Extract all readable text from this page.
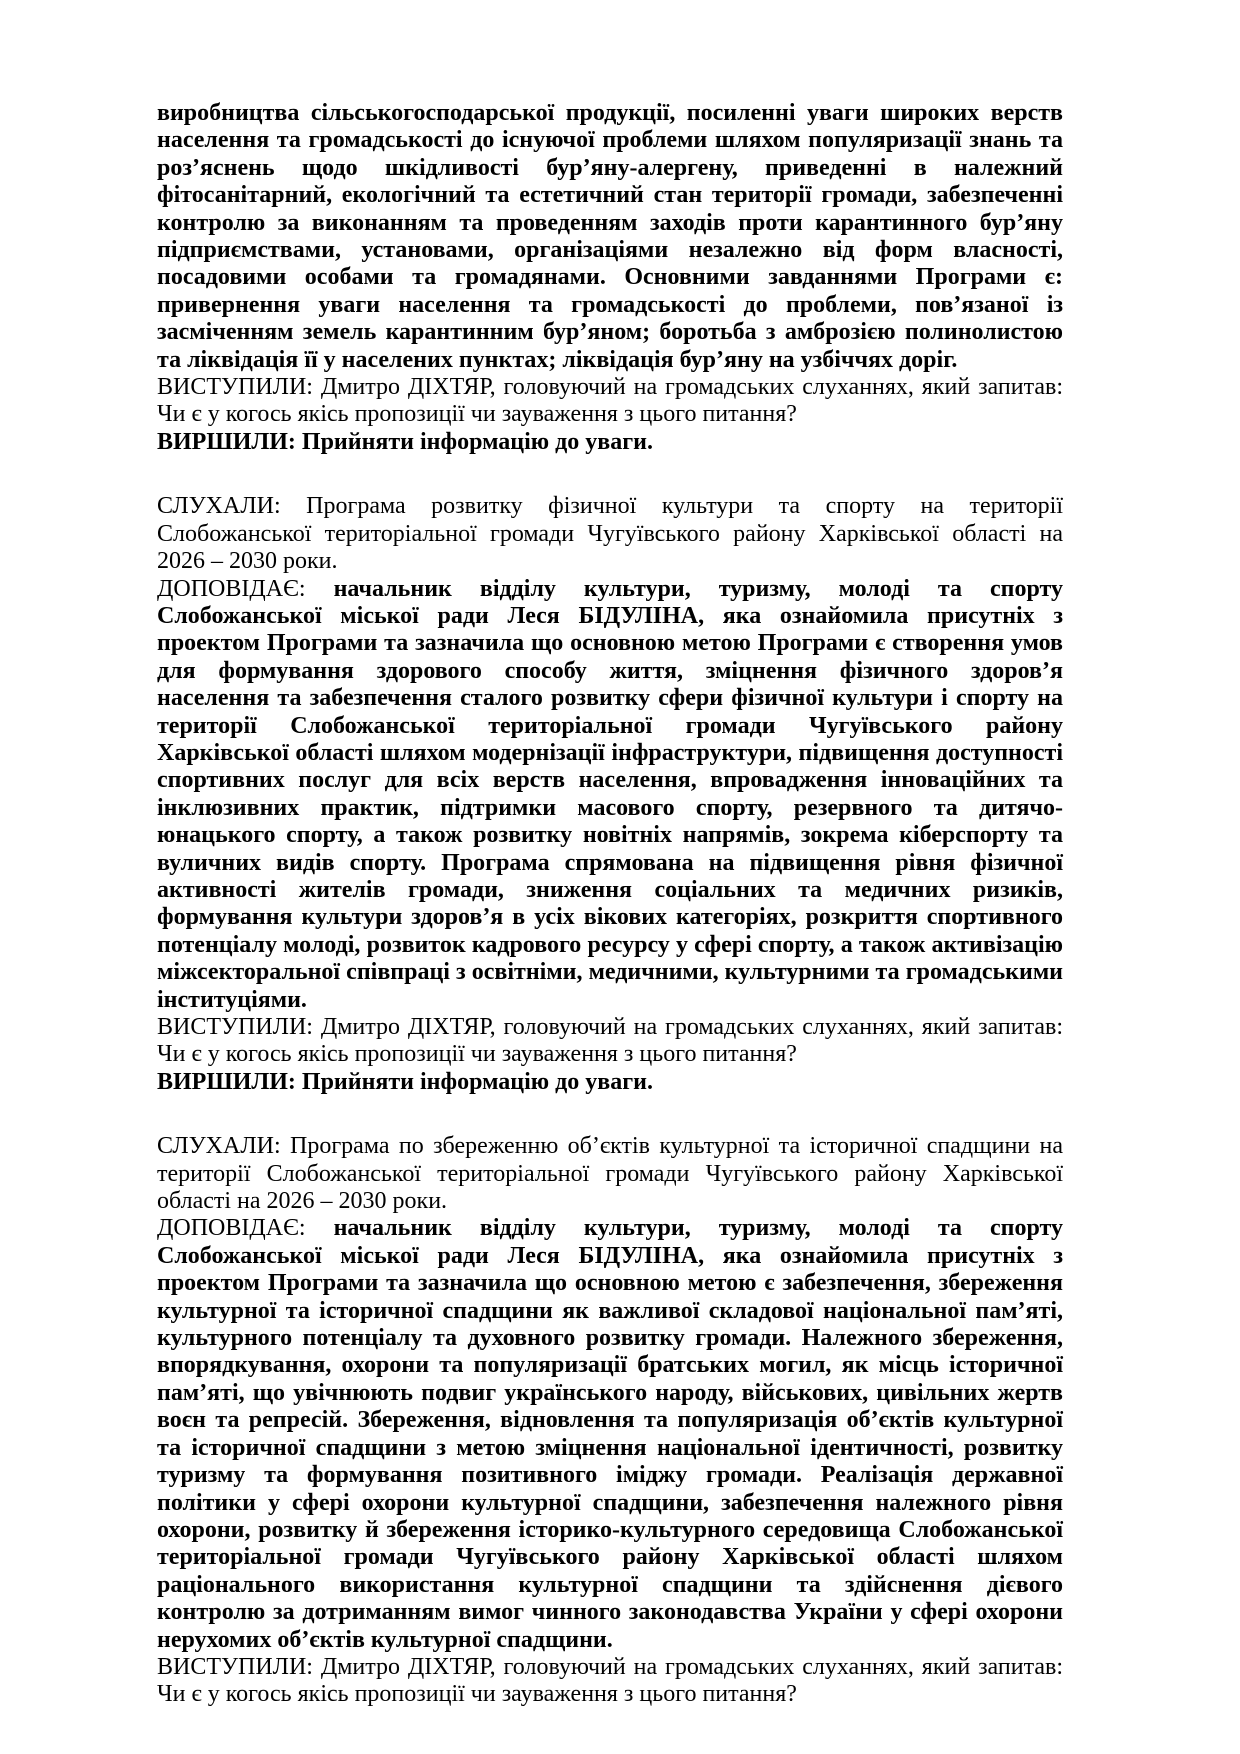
виробництва сільськогосподарської продукції, посиленні уваги широких верств населення та громадськості до існуючої проблеми шляхом популяризації знань та роз’яснень щодо шкідливості бур’яну-алергену, приведенні в належний фітосанітарний, екологічний та естетичний стан території громади, забезпеченні контролю за виконанням та проведенням заходів проти карантинного бур’яну підприємствами, установами, організаціями незалежно від форм власності, посадовими особами та громадянами. Основними завданнями Програми є: привернення уваги населення та громадськості до проблеми, пов’язаної із засміченням земель карантинним бур’яном; боротьба з амброзією полинолистою та ліквідація її у населених пунктах; ліквідація бур’яну на узбіччях доріг.

ВИСТУПИЛИ: Дмитро ДІХТЯР, головуючий на громадських слуханнях, який запитав: Чи є у когось якісь пропозиції чи зауваження з цього питання?

ВИРШИЛИ: Прийняти інформацію до уваги.

СЛУХАЛИ: Програма розвитку фізичної культури та спорту на території Слобожанської територіальної громади Чугуївського району Харківської області на 2026 – 2030 роки.

ДОПОВІДАЄ: начальник відділу культури, туризму, молоді та спорту Слобожанської міської ради Леся БІДУЛІНА, яка ознайомила присутніх з проектом Програми та зазначила що основною метою Програми є створення умов для формування здорового способу життя, зміцнення фізичного здоров’я населення та забезпечення сталого розвитку сфери фізичної культури і спорту на території Слобожанської територіальної громади Чугуївського району Харківської області шляхом модернізації інфраструктури, підвищення доступності спортивних послуг для всіх верств населення, впровадження інноваційних та інклюзивних практик, підтримки масового спорту, резервного та дитячо-юнацького спорту, а також розвитку новітніх напрямів, зокрема кіберспорту та вуличних видів спорту. Програма спрямована на підвищення рівня фізичної активності жителів громади, зниження соціальних та медичних ризиків, формування культури здоров’я в усіх вікових категоріях, розкриття спортивного потенціалу молоді, розвиток кадрового ресурсу у сфері спорту, а також активізацію міжсекторальної співпраці з освітніми, медичними, культурними та громадськими інституціями.

ВИСТУПИЛИ: Дмитро ДІХТЯР, головуючий на громадських слуханнях, який запитав: Чи є у когось якісь пропозиції чи зауваження з цього питання?

ВИРШИЛИ: Прийняти інформацію до уваги.

СЛУХАЛИ: Програма по збереженню об’єктів культурної та історичної спадщини на території Слобожанської територіальної громади Чугуївського району Харківської області на 2026 – 2030 роки.

ДОПОВІДАЄ: начальник відділу культури, туризму, молоді та спорту Слобожанської міської ради Леся БІДУЛІНА, яка ознайомила присутніх з проектом Програми та зазначила що основною метою є забезпечення, збереження культурної та історичної спадщини як важливої складової національної пам’яті, культурного потенціалу та духовного розвитку громади. Належного збереження, впорядкування, охорони та популяризації братських могил, як місць історичної пам’яті, що увічнюють подвиг українського народу, військових, цивільних жертв воєн та репресій. Збереження, відновлення та популяризація об’єктів культурної та історичної спадщини з метою зміцнення національної ідентичності, розвитку туризму та формування позитивного іміджу громади. Реалізація державної політики у сфері охорони культурної спадщини, забезпечення належного рівня охорони, розвитку й збереження історико-культурного середовища Слобожанської територіальної громади Чугуївського району Харківської області шляхом раціонального використання культурної спадщини та здійснення дієвого контролю за дотриманням вимог чинного законодавства України у сфері охорони нерухомих об’єктів культурної спадщини.

ВИСТУПИЛИ: Дмитро ДІХТЯР, головуючий на громадських слуханнях, який запитав: Чи є у когось якісь пропозиції чи зауваження з цього питання?
